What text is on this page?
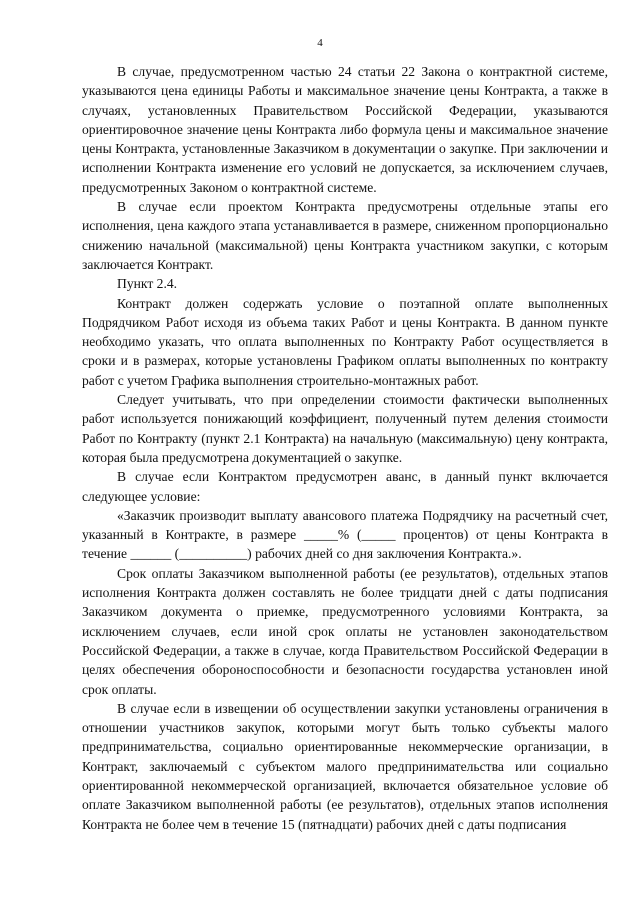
4

В случае, предусмотренном частью 24 статьи 22 Закона о контрактной системе, указываются цена единицы Работы и максимальное значение цены Контракта, а также в случаях, установленных Правительством Российской Федерации, указываются ориентировочное значение цены Контракта либо формула цены и максимальное значение цены Контракта, установленные Заказчиком в документации о закупке. При заключении и исполнении Контракта изменение его условий не допускается, за исключением случаев, предусмотренных Законом о контрактной системе.

В случае если проектом Контракта предусмотрены отдельные этапы его исполнения, цена каждого этапа устанавливается в размере, сниженном пропорционально снижению начальной (максимальной) цены Контракта участником закупки, с которым заключается Контракт.

Пункт 2.4.

Контракт должен содержать условие о поэтапной оплате выполненных Подрядчиком Работ исходя из объема таких Работ и цены Контракта. В данном пункте необходимо указать, что оплата выполненных по Контракту Работ осуществляется в сроки и в размерах, которые установлены Графиком оплаты выполненных по контракту работ с учетом Графика выполнения строительно-монтажных работ.

Следует учитывать, что при определении стоимости фактически выполненных работ используется понижающий коэффициент, полученный путем деления стоимости Работ по Контракту (пункт 2.1 Контракта) на начальную (максимальную) цену контракта, которая была предусмотрена документацией о закупке.

В случае если Контрактом предусмотрен аванс, в данный пункт включается следующее условие:

«Заказчик производит выплату авансового платежа Подрядчику на расчетный счет, указанный в Контракте, в размере _____% (_____ процентов) от цены Контракта в течение ______ (__________) рабочих дней со дня заключения Контракта.».

Срок оплаты Заказчиком выполненной работы (ее результатов), отдельных этапов исполнения Контракта должен составлять не более тридцати дней с даты подписания Заказчиком документа о приемке, предусмотренного условиями Контракта, за исключением случаев, если иной срок оплаты не установлен законодательством Российской Федерации, а также в случае, когда Правительством Российской Федерации в целях обеспечения обороноспособности и безопасности государства установлен иной срок оплаты.

В случае если в извещении об осуществлении закупки установлены ограничения в отношении участников закупок, которыми могут быть только субъекты малого предпринимательства, социально ориентированные некоммерческие организации, в Контракт, заключаемый с субъектом малого предпринимательства или социально ориентированной некоммерческой организацией, включается обязательное условие об оплате Заказчиком выполненной работы (ее результатов), отдельных этапов исполнения Контракта не более чем в течение 15 (пятнадцати) рабочих дней с даты подписания
